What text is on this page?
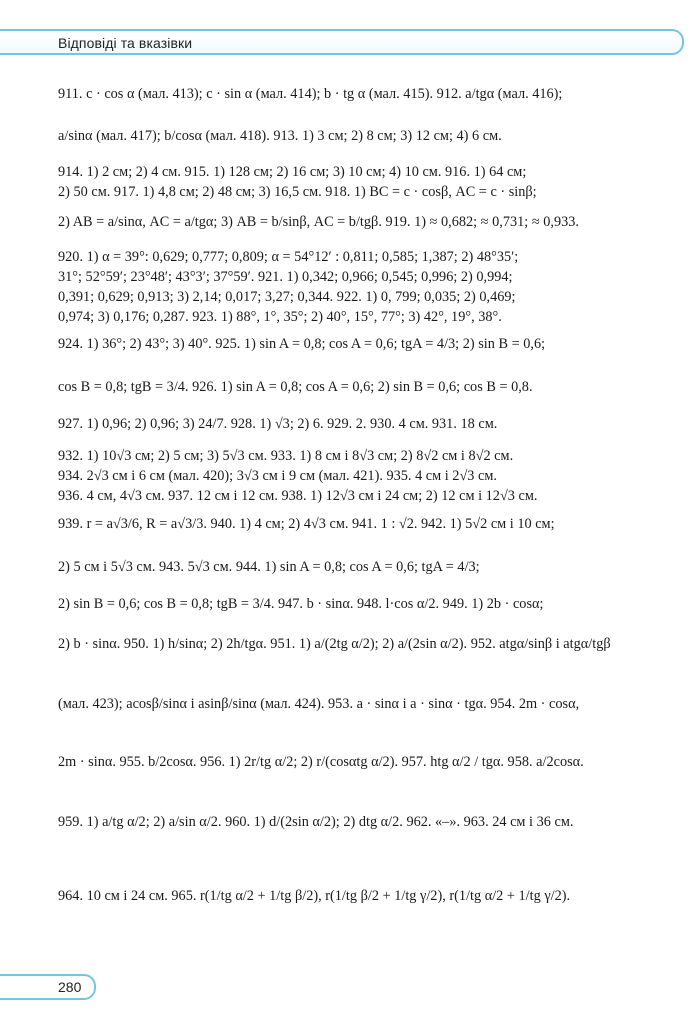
Відповіді та вказівки
911. c · cos α (мал. 413); c · sin α (мал. 414); b · tg α (мал. 415). 912. a/tgα (мал. 416);
a/sinα (мал. 417); b/cosα (мал. 418). 913. 1) 3 см; 2) 8 см; 3) 12 см; 4) 6 см.
914. 1) 2 см; 2) 4 см. 915. 1) 128 см; 2) 16 см; 3) 10 см; 4) 10 см. 916. 1) 64 см;
2) 50 см. 917. 1) 4,8 см; 2) 48 см; 3) 16,5 см. 918. 1) BC = c · cosβ, AC = c · sinβ;
2) AB = a/sinα, AC = a/tgα; 3) AB = b/sinβ, AC = b/tgβ. 919. 1) ≈ 0,682; ≈ 0,731; ≈ 0,933.
920. 1) α = 39°: 0,629; 0,777; 0,809; α = 54°12′ : 0,811; 0,585; 1,387; 2) 48°35′;
31°; 52°59′; 23°48′; 43°3′; 37°59′. 921. 1) 0,342; 0,966; 0,545; 0,996; 2) 0,994;
0,391; 0,629; 0,913; 3) 2,14; 0,017; 3,27; 0,344. 922. 1) 0, 799; 0,035; 2) 0,469;
0,974; 3) 0,176; 0,287. 923. 1) 88°, 1°, 35°; 2) 40°, 15°, 77°; 3) 42°, 19°, 38°.
924. 1) 36°; 2) 43°; 3) 40°. 925. 1) sin A = 0,8; cos A = 0,6; tgA = 4/3; 2) sin B = 0,6;
cos B = 0,8; tgB = 3/4. 926. 1) sin A = 0,8; cos A = 0,6; 2) sin B = 0,6; cos B = 0,8.
927. 1) 0,96; 2) 0,96; 3) 24/7. 928. 1) √3; 2) 6. 929. 2. 930. 4 см. 931. 18 см.
932. 1) 10√3 см; 2) 5 см; 3) 5√3 см. 933. 1) 8 см і 8√3 см; 2) 8√2 см і 8√2 см.
934. 2√3 см і 6 см (мал. 420); 3√3 см і 9 см (мал. 421). 935. 4 см і 2√3 см.
936. 4 см, 4√3 см. 937. 12 см і 12 см. 938. 1) 12√3 см і 24 см; 2) 12 см і 12√3 см.
939. r = a√3/6, R = a√3/3. 940. 1) 4 см; 2) 4√3 см. 941. 1 : √2. 942. 1) 5√2 см і 10 см;
2) 5 см і 5√3 см. 943. 5√3 см. 944. 1) sin A = 0,8; cos A = 0,6; tgA = 4/3;
2) sin B = 0,6; cos B = 0,8; tgB = 3/4. 947. b · sinα. 948. l·cos α/2. 949. 1) 2b · cosα;
2) b · sinα. 950. 1) h/sinα; 2) 2h/tgα. 951. 1) a/(2tg α/2); 2) a/(2sin α/2). 952. atgα/sinβ і atgα/tgβ
(мал. 423); acosβ/sinα і asinβ/sinα (мал. 424). 953. a · sinα і a · sinα · tgα. 954. 2m · cosα,
2m · sinα. 955. b/2cosα. 956. 1) 2r/tg α/2; 2) r/(cosαtg α/2). 957. htg α/2 / tgα. 958. a/2cosα.
959. 1) a/tg α/2; 2) a/sin α/2. 960. 1) d/(2sin α/2); 2) dtg α/2. 962. «–». 963. 24 см і 36 см.
964. 10 см і 24 см. 965. r(1/tg α/2 + 1/tg β/2), r(1/tg β/2 + 1/tg γ/2), r(1/tg α/2 + 1/tg γ/2).
280
